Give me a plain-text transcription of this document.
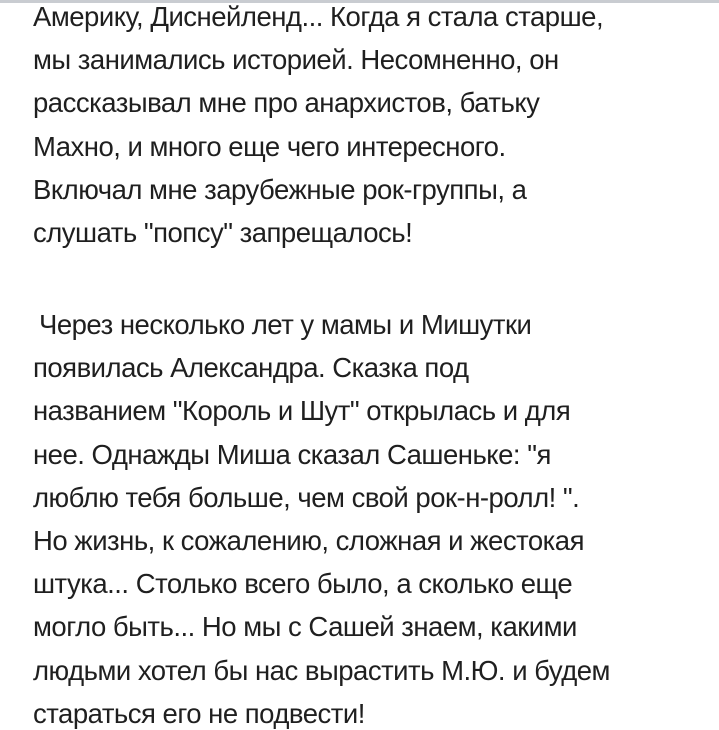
Америку, Диснейленд... Когда я стала старше,
мы занимались историей. Несомненно, он
рассказывал мне про анархистов, батьку
Махно, и много еще чего интересного.
Включал мне зарубежные рок-группы, а
слушать "попсу" запрещалось!
Через несколько лет у мамы и Мишутки
появилась Александра. Сказка под
названием "Король и Шут" открылась и для
нее. Однажды Миша сказал Сашеньке: "я
люблю тебя больше, чем свой рок-н-ролл! ".
Но жизнь, к сожалению, сложная и жестокая
штука... Столько всего было, а сколько еще
могло быть... Но мы с Сашей знаем, какими
людьми хотел бы нас вырастить М.Ю. и будем
стараться его не подвести!
